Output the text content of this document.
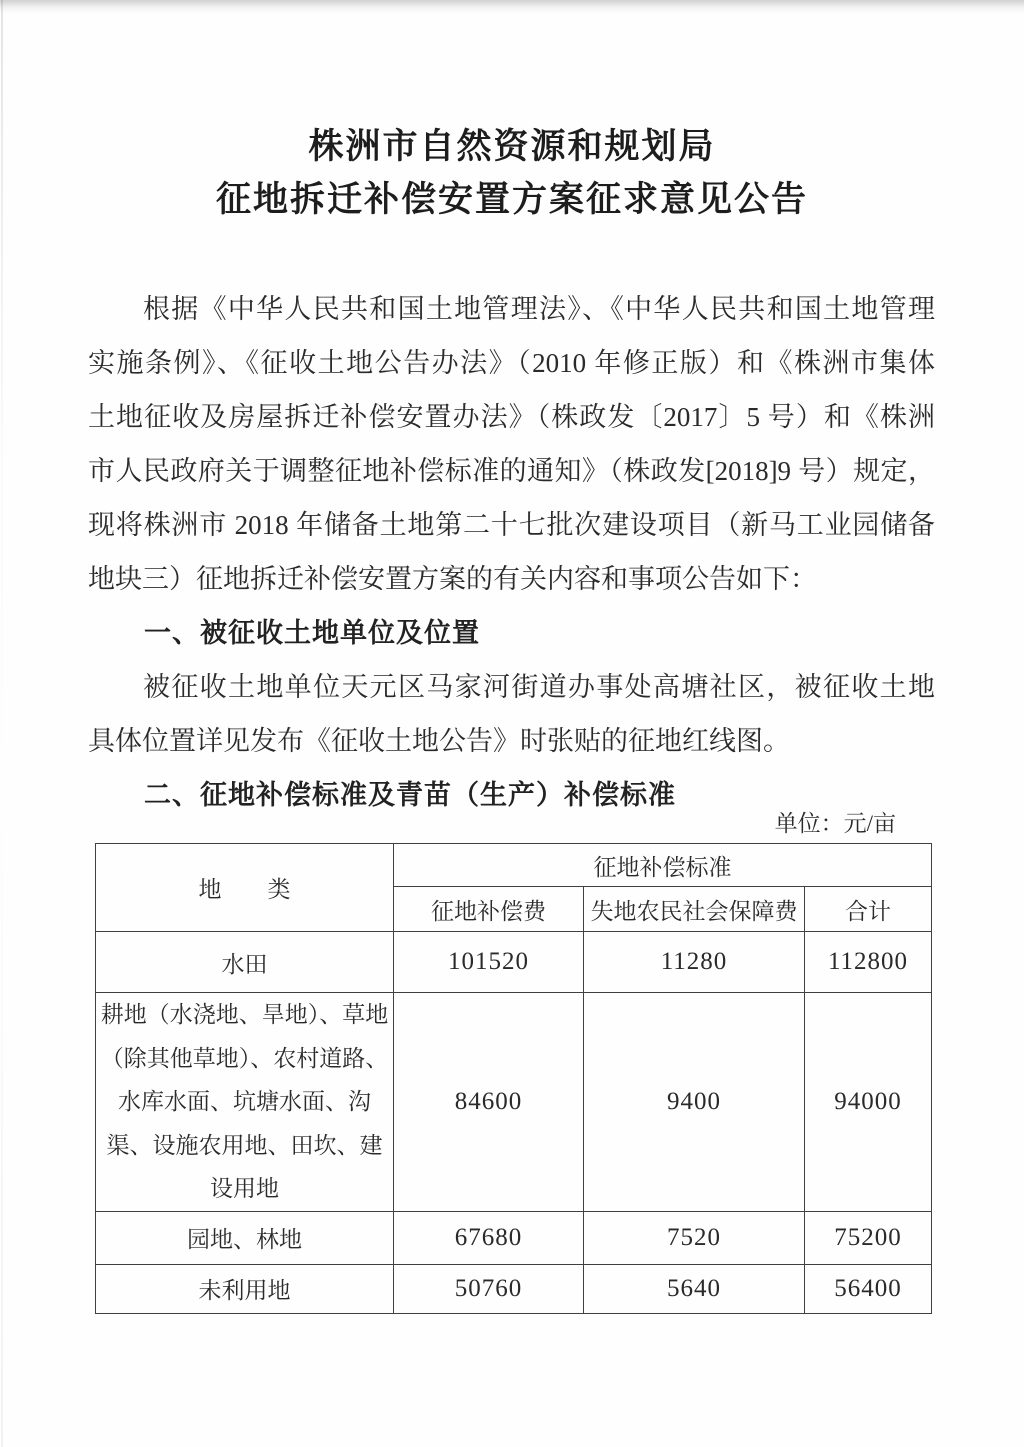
株洲市自然资源和规划局
征地拆迁补偿安置方案征求意见公告
根据《中华人民共和国土地管理法》、《中华人民共和国土地管理
实施条例》、《征收土地公告办法》（2010 年修正版）和《株洲市集体
土地征收及房屋拆迁补偿安置办法》（株政发〔2017〕5 号）和《株洲
市人民政府关于调整征地补偿标准的通知》（株政发[2018]9 号）规定，
现将株洲市 2018 年储备土地第二十七批次建设项目（新马工业园储备
地块三）征地拆迁补偿安置方案的有关内容和事项公告如下：
一、被征收土地单位及位置
被征收土地单位天元区马家河街道办事处高塘社区，被征收土地
具体位置详见发布《征收土地公告》时张贴的征地红线图。
二、征地补偿标准及青苗（生产）补偿标准
单位：元/亩
地　　类	征地补偿标准		
	征地补偿费	失地农民社会保障费	合计
水田	101520	11280	112800
耕地（水浇地、旱地）、草地（除其他草地）、农村道路、水库水面、坑塘水面、沟渠、设施农用地、田坎、建设用地	84600	9400	94000
园地、林地	67680	7520	75200
未利用地	50760	5640	56400
